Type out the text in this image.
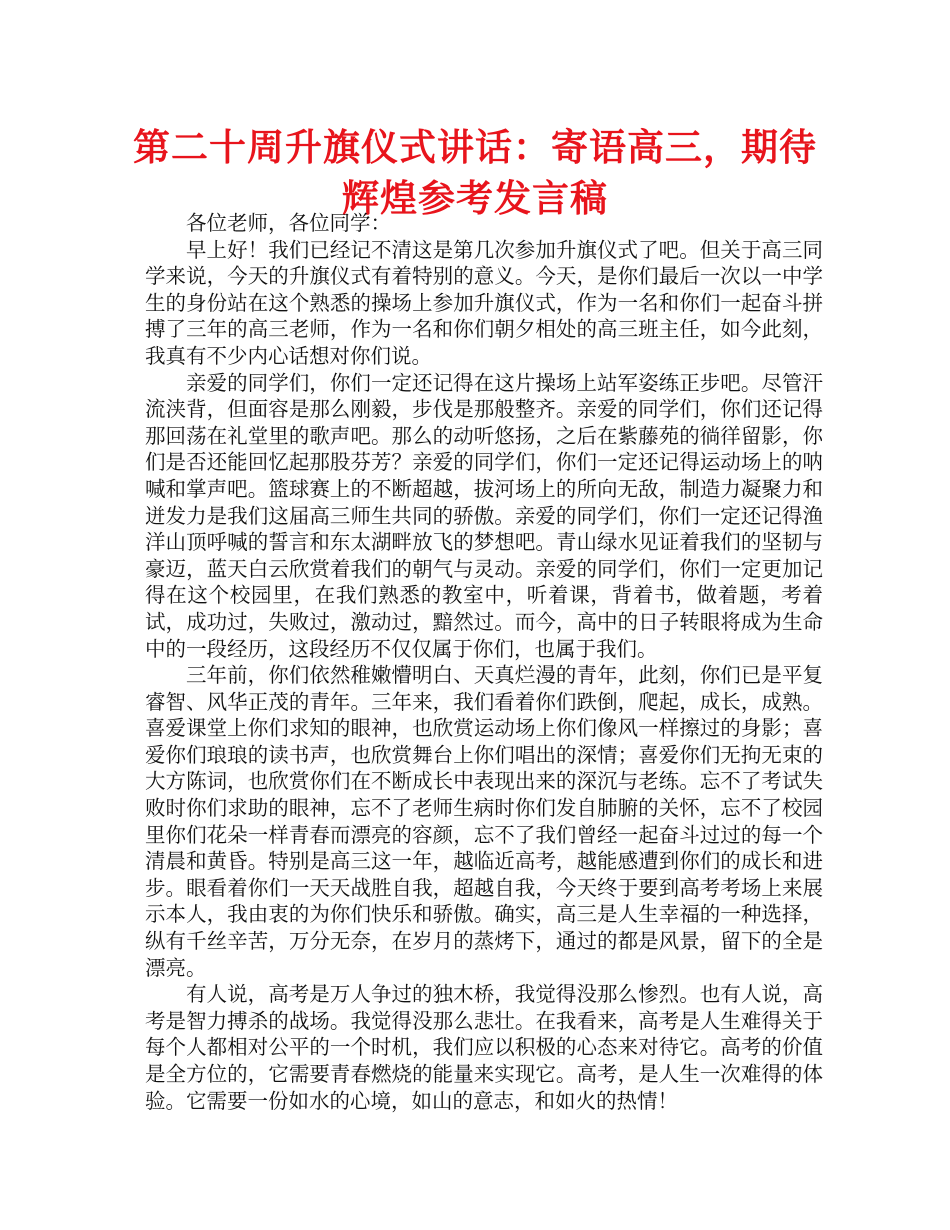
第二十周升旗仪式讲话：寄语高三，期待辉煌参考发言稿

各位老师，各位同学：

早上好！我们已经记不清这是第几次参加升旗仪式了吧。但关于高三同学来说，今天的升旗仪式有着特别的意义。今天，是你们最后一次以一中学生的身份站在这个熟悉的操场上参加升旗仪式，作为一名和你们一起奋斗拼搏了三年的高三老师，作为一名和你们朝夕相处的高三班主任，如今此刻，我真有不少内心话想对你们说。

亲爱的同学们，你们一定还记得在这片操场上站军姿练正步吧。尽管汗流浃背，但面容是那么刚毅，步伐是那般整齐。亲爱的同学们，你们还记得那回荡在礼堂里的歌声吧。那么的动听悠扬，之后在紫藤苑的徜徉留影，你们是否还能回忆起那股芬芳？亲爱的同学们，你们一定还记得运动场上的呐喊和掌声吧。篮球赛上的不断超越，拔河场上的所向无敌，制造力凝聚力和迸发力是我们这届高三师生共同的骄傲。亲爱的同学们，你们一定还记得渔洋山顶呼喊的誓言和东太湖畔放飞的梦想吧。青山绿水见证着我们的坚韧与豪迈，蓝天白云欣赏着我们的朝气与灵动。亲爱的同学们，你们一定更加记得在这个校园里，在我们熟悉的教室中，听着课，背着书，做着题，考着试，成功过，失败过，激动过，黯然过。而今，高中的日子转眼将成为生命中的一段经历，这段经历不仅仅属于你们，也属于我们。

三年前，你们依然稚嫩懵明白、天真烂漫的青年，此刻，你们已是平复睿智、风华正茂的青年。三年来，我们看着你们跌倒，爬起，成长，成熟。喜爱课堂上你们求知的眼神，也欣赏运动场上你们像风一样擦过的身影；喜爱你们琅琅的读书声，也欣赏舞台上你们唱出的深情；喜爱你们无拘无束的大方陈词，也欣赏你们在不断成长中表现出来的深沉与老练。忘不了考试失败时你们求助的眼神，忘不了老师生病时你们发自肺腑的关怀，忘不了校园里你们花朵一样青春而漂亮的容颜，忘不了我们曾经一起奋斗过过的每一个清晨和黄昏。特别是高三这一年，越临近高考，越能感遭到你们的成长和进步。眼看着你们一天天战胜自我，超越自我，今天终于要到高考考场上来展示本人，我由衷的为你们快乐和骄傲。确实，高三是人生幸福的一种选择，纵有千丝辛苦，万分无奈，在岁月的蒸烤下，通过的都是风景，留下的全是漂亮。

有人说，高考是万人争过的独木桥，我觉得没那么惨烈。也有人说，高考是智力搏杀的战场。我觉得没那么悲壮。在我看来，高考是人生难得关于每个人都相对公平的一个时机，我们应以积极的心态来对待它。高考的价值是全方位的，它需要青春燃烧的能量来实现它。高考，是人生一次难得的体验。它需要一份如水的心境，如山的意志，和如火的热情！
